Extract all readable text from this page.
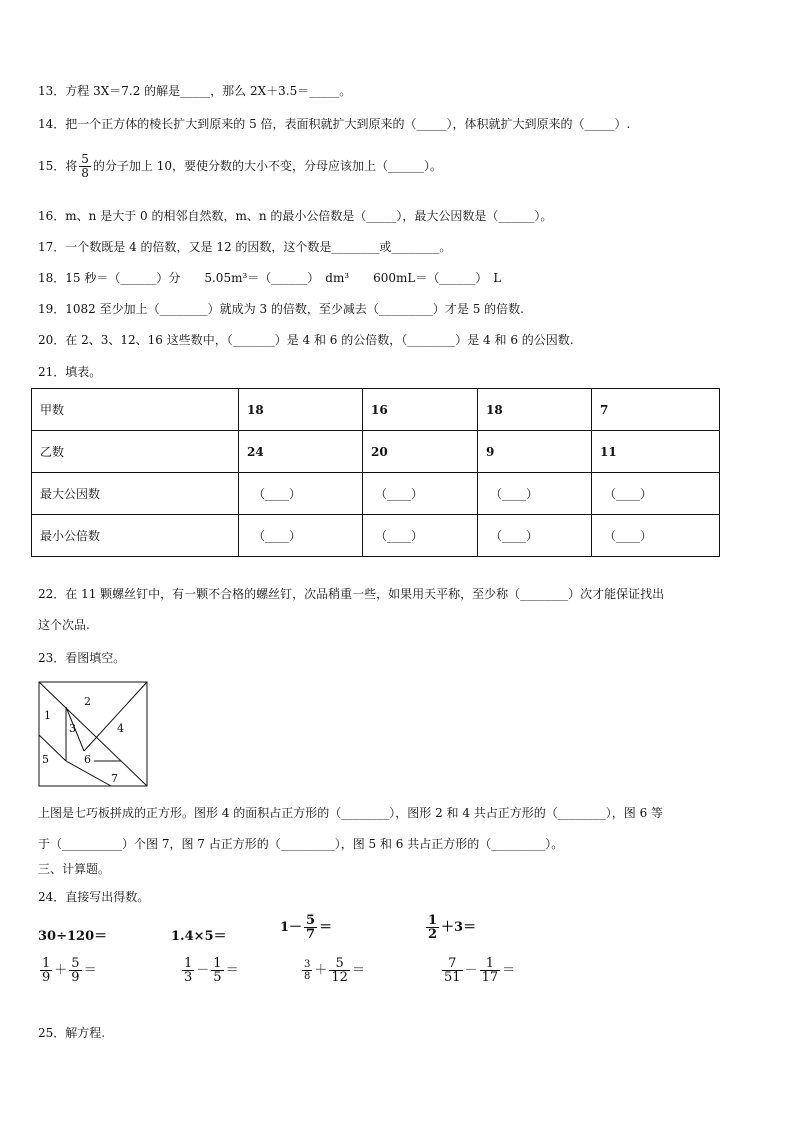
13．方程 3X＝7.2 的解是_____，那么 2X＋3.5＝_____。
14．把一个正方体的棱长扩大到原来的 5 倍，表面积就扩大到原来的（_____），体积就扩大到原来的（_____）.
15．将 $\frac{5}{8}$ 的分子加上 10，要使分数的大小不变，分母应该加上（______）。
16．m、n 是大于 0 的相邻自然数，m、n 的最小公倍数是（_____），最大公因数是（______）。
17．一个数既是 4 的倍数，又是 12 的因数，这个数是________或________。
18．15 秒＝（______）分　　5.05m³＝（______）　dm³　　600mL＝（______）　L
19．1082 至少加上（________）就成为 3 的倍数，至少减去（_________）才是 5 的倍数.
20．在 2、3、12、16 这些数中，（_______）是 4 和 6 的公倍数，（________）是 4 和 6 的公因数.
21．填表。
甲数	18	16	18	7
乙数	24	20	9	11
最大公因数	（____）	（____）	（____）	（____）
最小公倍数	（____）	（____）	（____）	（____）
22．在 11 颗螺丝钉中，有一颗不合格的螺丝钉，次品稍重一些，如果用天平称，至少称（________）次才能保证找出
这个次品.
23．看图填空。
1
2
3	4
5	6
7
上图是七巧板拼成的正方形。图形 4 的面积占正方形的（________），图形 2 和 4 共占正方形的（________），图 6 等
于（__________）个图 7，图 7 占正方形的（_________），图 5 和 6 共占正方形的（_________）。
三、计算题。
24．直接写出得数。
30÷120＝	1.4×5＝
$1- \frac{5}{7}$ ＝	$\frac{1}{2} +3=$
$\frac{1}{9} + \frac{5}{9}$ ＝	$\frac{1}{3} - \frac{1}{5}$ ＝	$\frac{3}{8} + \frac{5}{12}$ ＝	$\frac{7}{51} - \frac{1}{17}$ ＝
25．解方程.
